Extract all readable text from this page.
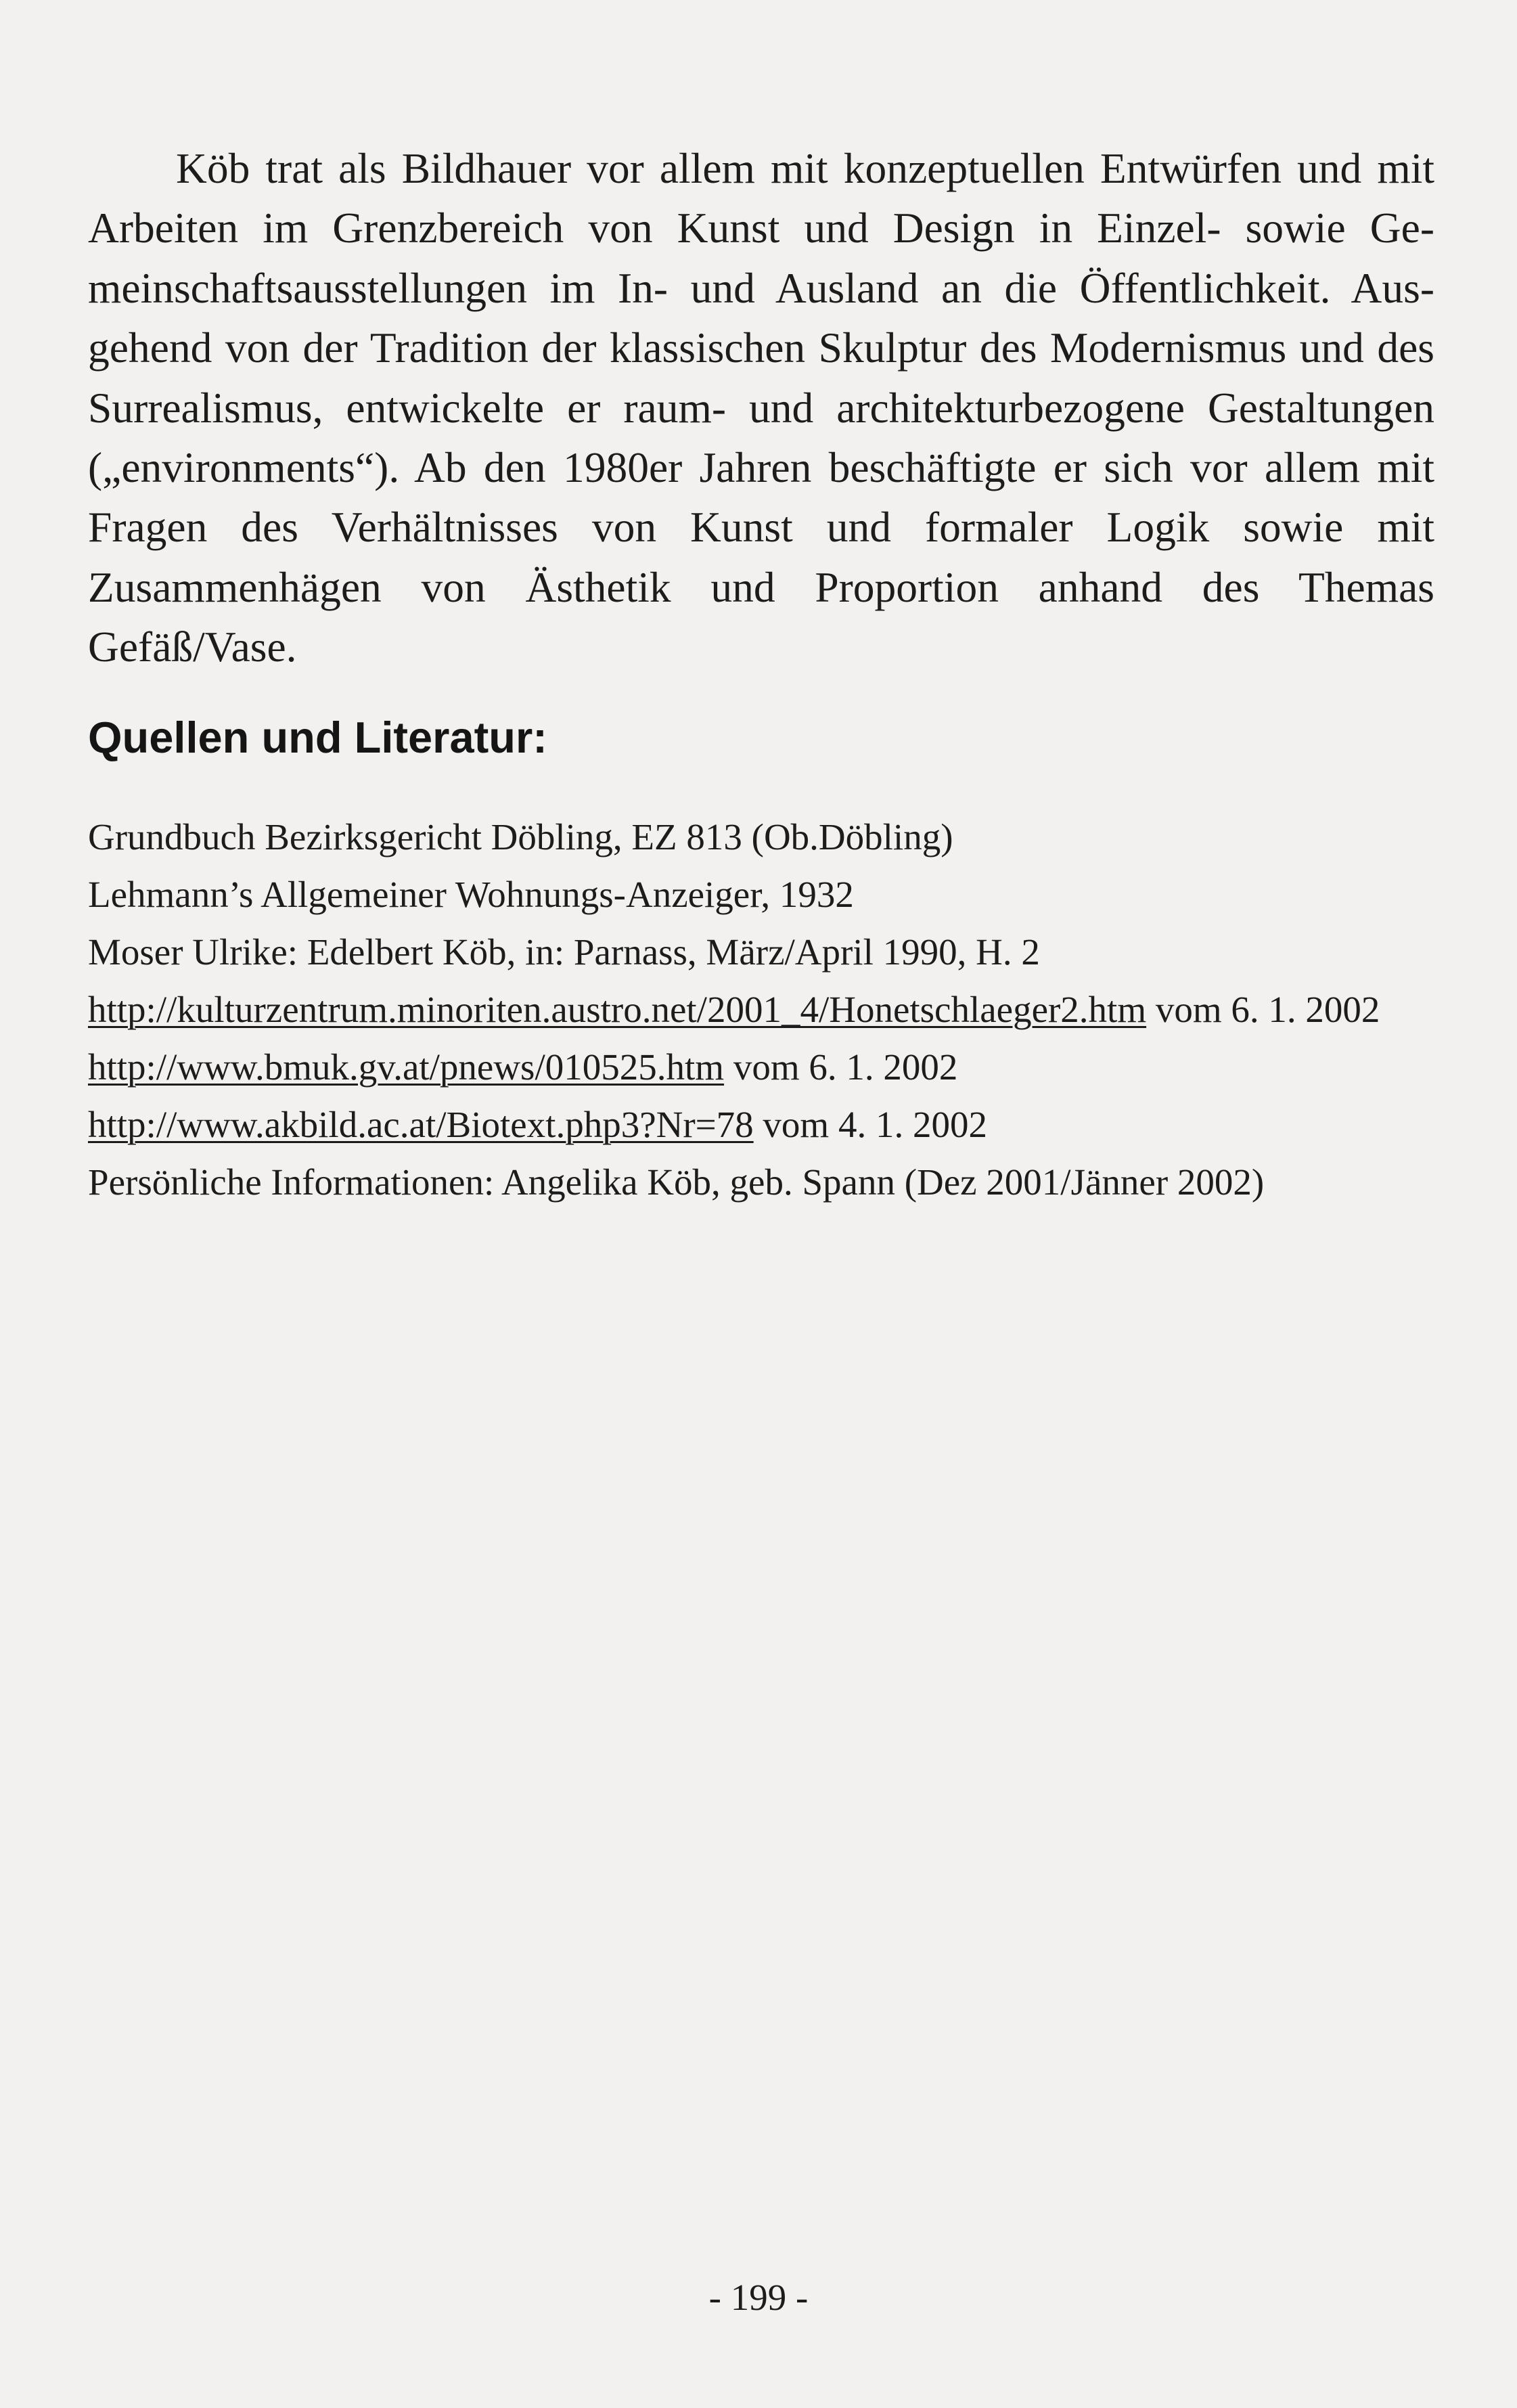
Köb trat als Bildhauer vor allem mit konzeptuellen Entwürfen und mit Arbeiten im Grenzbereich von Kunst und Design in Einzel- sowie Gemeinschaftsausstellungen im In- und Ausland an die Öffentlichkeit. Ausgehend von der Tradition der klassischen Skulptur des Modernismus und des Surrealismus, entwickelte er raum- und architekturbezogene Gestaltungen („environments“). Ab den 1980er Jahren beschäftigte er sich vor allem mit Fragen des Verhältnisses von Kunst und formaler Logik sowie mit Zusammenhägen von Ästhetik und Proportion anhand des Themas Gefäß/Vase.

Quellen und Literatur:
Grundbuch Bezirksgericht Döbling, EZ 813 (Ob.Döbling)
Lehmann’s Allgemeiner Wohnungs-Anzeiger, 1932
Moser Ulrike: Edelbert Köb, in: Parnass, März/April 1990, H. 2
http://kulturzentrum.minoriten.austro.net/2001_4/Honetschlaeger2.htm vom 6. 1. 2002
http://www.bmuk.gv.at/pnews/010525.htm vom 6. 1. 2002
http://www.akbild.ac.at/Biotext.php3?Nr=78 vom 4. 1. 2002
Persönliche Informationen: Angelika Köb, geb. Spann (Dez 2001/Jänner 2002)

- 199 -
